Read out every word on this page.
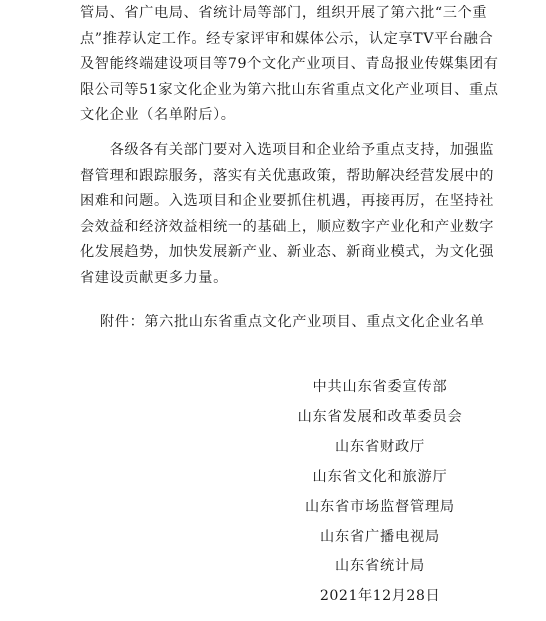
管局、省广电局、省统计局等部门，组织开展了第六批“三个重
点”推荐认定工作。经专家评审和媒体公示，认定享TV平台融合
及智能终端建设项目等79个文化产业项目、青岛报业传媒集团有
限公司等51家文化企业为第六批山东省重点文化产业项目、重点
文化企业（名单附后）。
　　各级各有关部门要对入选项目和企业给予重点支持，加强监
督管理和跟踪服务，落实有关优惠政策，帮助解决经营发展中的
困难和问题。入选项目和企业要抓住机遇，再接再厉，在坚持社
会效益和经济效益相统一的基础上，顺应数字产业化和产业数字
化发展趋势，加快发展新产业、新业态、新商业模式，为文化强
省建设贡献更多力量。
附件：第六批山东省重点文化产业项目、重点文化企业名单
中共山东省委宣传部
山东省发展和改革委员会
山东省财政厅
山东省文化和旅游厅
山东省市场监督管理局
山东省广播电视局
山东省统计局
2021年12月28日
